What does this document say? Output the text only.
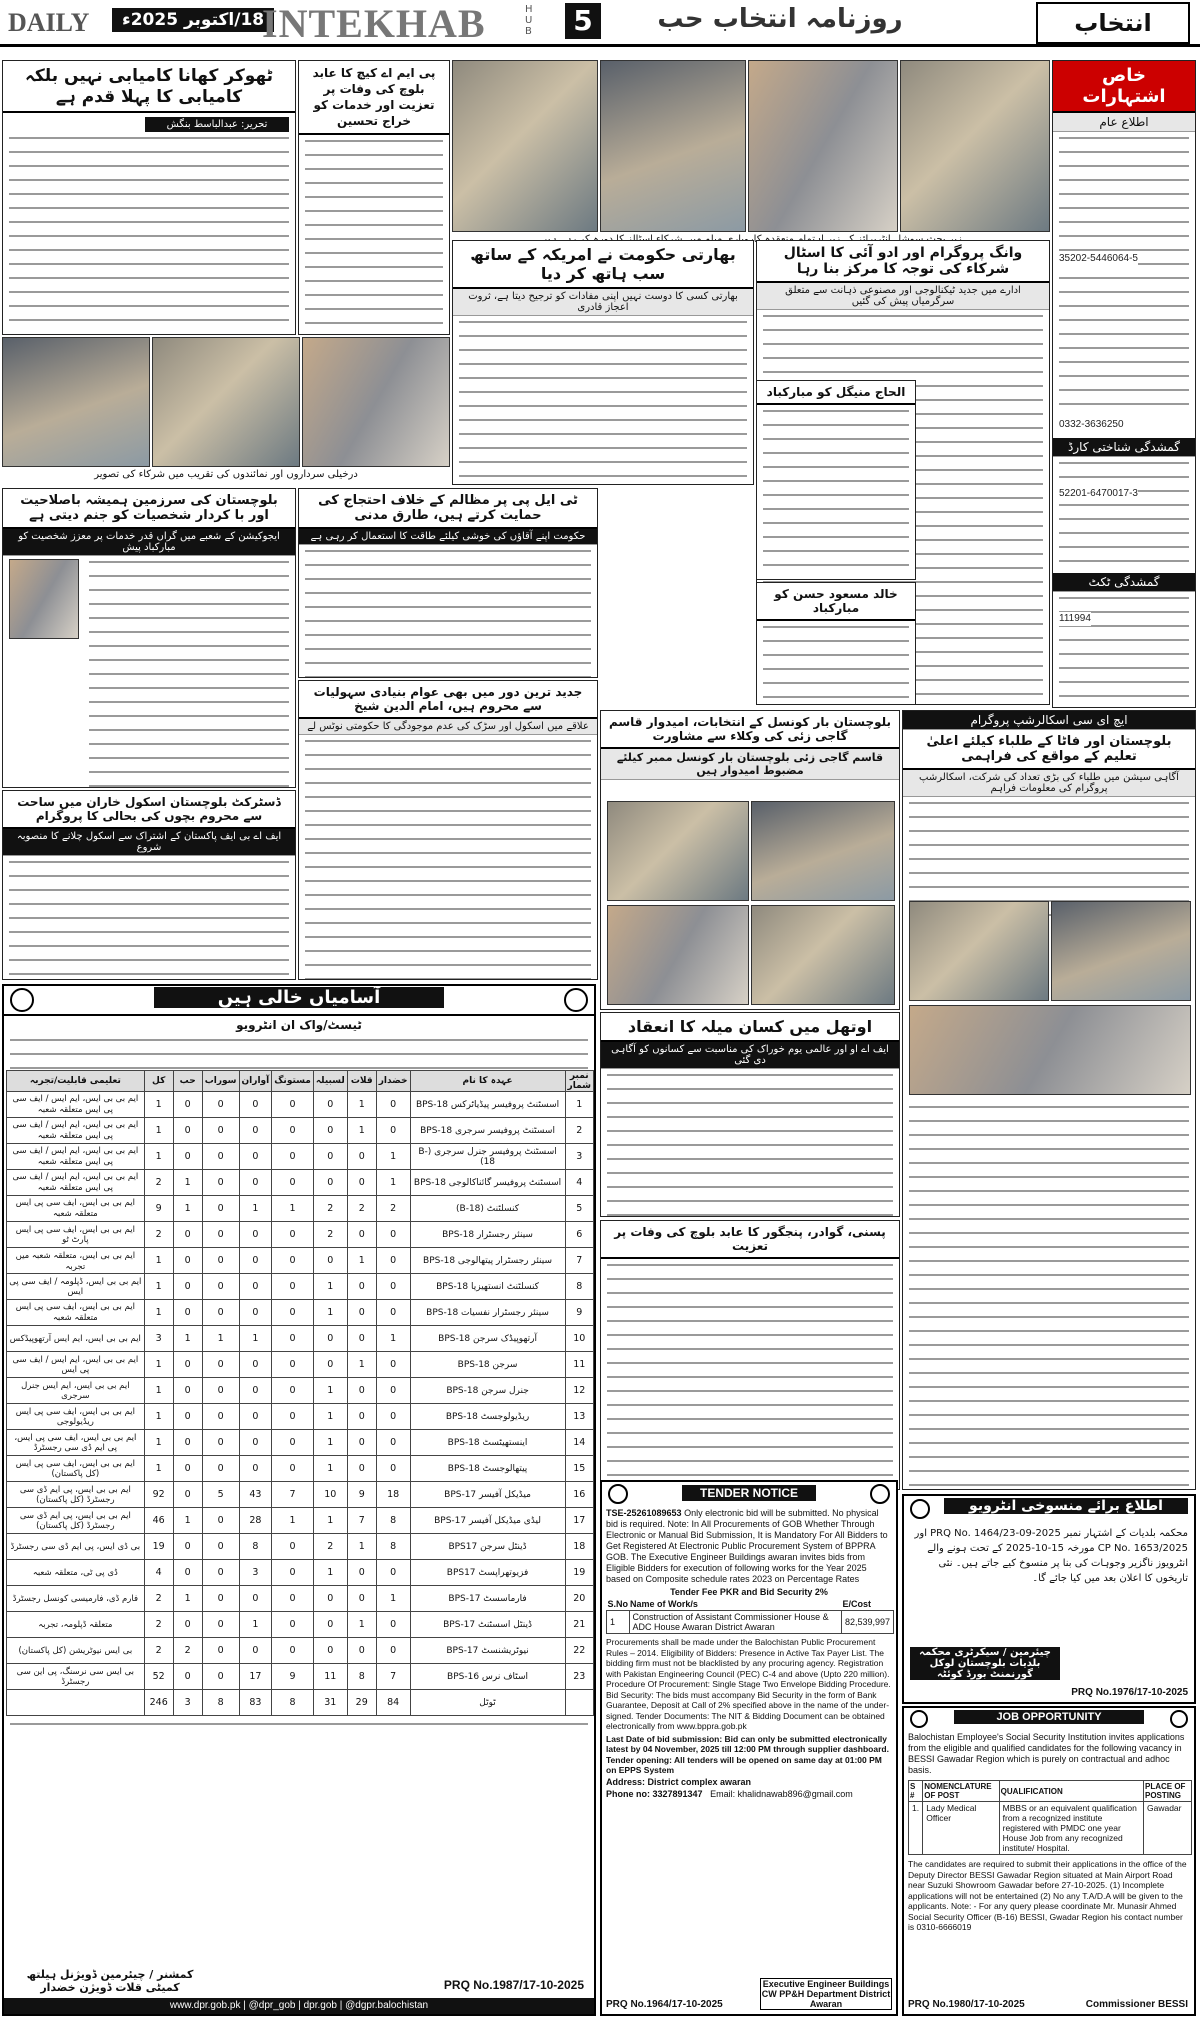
DAILY	18/اکتوبر 2025ء
INTEKHAB	HUB 5	روزنامہ انتخاب حب	انتخاب
خاص اشتہارات
اطلاع عام
35202-5446064-5
0332-3636250
گمشدگی شناختی کارڈ
52201-6470017-3
گمشدگی ٹکٹ
111994
ٹھوکر کھانا کامیابی نہیں بلکہ کامیابی کا پہلا قدم ہے
تحریر: عبدالباسط بنگش
پی ایم اے کیچ کا عابد بلوچ کی وفات پر تعزیت اور خدمات کو خراج تحسین
بھارتی حکومت نے امریکہ کے ساتھ سب ہاتھ کر دیا
بھارتی کسی کا دوست نہیں اپنی مفادات کو ترجیح دیتا ہے، ثروت اعجاز قادری
وانگ پروگرام اور ادو آئی کا اسٹال شرکاء کی توجہ کا مرکز بنا رہا
ادارے میں جدید ٹیکنالوجی اور مصنوعی ذہانت سے متعلق سرگرمیاں پیش کی گئیں
درخیلی سرداروں اور نمائندوں کی تقریب میں شرکاء کی تصویر
الحاج منیگل کو مبارکباد
خالد مسعود حسن کو مبارکباد
بلوچستان کی سرزمین ہمیشہ باصلاحیت اور با کردار شخصیات کو جنم دیتی ہے
ایجوکیشن کے شعبے میں گراں قدر خدمات پر معزز شخصیت کو مبارکباد پیش
ٹی ایل پی پر مظالم کے خلاف احتجاج کی حمایت کرتے ہیں، طارق مدنی
حکومت اپنے آقاؤں کی خوشی کیلئے طاقت کا استعمال کر رہی ہے
جدید ترین دور میں بھی عوام بنیادی سہولیات سے محروم ہیں، امام الدین شیخ
علاقے میں اسکول اور سڑک کی عدم موجودگی کا حکومتی نوٹس لے	بلوچستان بار کونسل کے انتخابات، امیدوار قاسم گاجی زئی کی وکلاء سے مشاورت
قاسم گاجی زئی بلوچستان بار کونسل ممبر کیلئے مضبوط امیدوار ہیں
ڈسٹرکٹ بلوچستان اسکول خاران میں ساحت سے محروم بچوں کی بحالی کا پروگرام
ایف اے بی ایف پاکستان کے اشتراک سے اسکول چلانے کا منصوبہ شروع
ایچ ای سی اسکالرشپ پروگرام
بلوچستان اور فاٹا کے طلباء کیلئے اعلیٰ تعلیم کے مواقع کی فراہمی
آگاہی سیشن میں طلباء کی بڑی تعداد کی شرکت، اسکالرشپ پروگرام کی معلومات فراہم
اوتھل میں کسان میلہ کا انعقاد
ایف اے او اور عالمی یوم خوراک کی مناسبت سے کسانوں کو آگاہی دی گئی
پسنی، گوادر، پنجگور کا عابد بلوچ کی وفات پر تعزیت
آسامیاں خالی ہیں
ٹیسٹ/واک ان انٹرویو
نمبر شمار	عہدہ کا نام	خضدار	قلات	لسبیلہ	مستونگ	آواران	سوراب	حب	کل	تعلیمی قابلیت/تجربہ
1	اسسٹنٹ پروفیسر پیڈیاٹرکس BPS-18	0	1	0	0	0	0	0	1	ایم بی بی ایس، ایم ایس / ایف سی پی ایس متعلقہ شعبہ
2	اسسٹنٹ پروفیسر سرجری BPS-18	0	1	0	0	0	0	0	1	ایم بی بی ایس، ایم ایس / ایف سی پی ایس متعلقہ شعبہ
3	اسسٹنٹ پروفیسر جنرل سرجری (B-18)	1	0	0	0	0	0	0	1	ایم بی بی ایس، ایم ایس / ایف سی پی ایس متعلقہ شعبہ
4	اسسٹنٹ پروفیسر گائناکالوجی BPS-18	1	0	0	0	0	0	1	2	ایم بی بی ایس، ایم ایس / ایف سی پی ایس متعلقہ شعبہ
5	کنسلٹنٹ (B-18)	2	2	2	1	1	0	1	9	ایم بی بی ایس، ایف سی پی ایس متعلقہ شعبہ
6	سینئر رجسٹرار BPS-18	0	0	2	0	0	0	0	2	ایم بی بی ایس، ایف سی پی ایس پارٹ ٹو
7	سینئر رجسٹرار پیتھالوجی BPS-18	0	1	0	0	0	0	0	1	ایم بی بی ایس، متعلقہ شعبہ میں تجربہ
8	کنسلٹنٹ انستھیزیا BPS-18	0	0	1	0	0	0	0	1	ایم بی بی ایس، ڈپلومہ / ایف سی پی ایس
9	سینئر رجسٹرار نفسیات BPS-18	0	0	1	0	0	0	0	1	ایم بی بی ایس، ایف سی پی ایس متعلقہ شعبہ
10	آرتھوپیڈک سرجن BPS-18	1	0	0	0	1	1	1	3	ایم بی بی ایس، ایم ایس آرتھوپیڈکس
11	سرجن BPS-18	0	1	0	0	0	0	0	1	ایم بی بی ایس، ایم ایس / ایف سی پی ایس
12	جنرل سرجن BPS-18	0	0	1	0	0	0	0	1	ایم بی بی ایس، ایم ایس جنرل سرجری
13	ریڈیولوجسٹ BPS-18	0	0	1	0	0	0	0	1	ایم بی بی ایس، ایف سی پی ایس ریڈیولوجی
14	اینستھیٹسٹ BPS-18	0	0	1	0	0	0	0	1	ایم بی بی ایس، ایف سی پی ایس، پی ایم ڈی سی رجسٹرڈ
15	پیتھالوجسٹ BPS-18	0	0	1	0	0	0	0	1	ایم بی بی ایس، ایف سی پی ایس (کل پاکستان)
16	میڈیکل آفیسر BPS-17	18	9	10	7	43	5	0	92	ایم بی بی ایس، پی ایم ڈی سی رجسٹرڈ (کل پاکستان)
17	لیڈی میڈیکل آفیسر BPS-17	8	7	1	1	28	0	1	46	ایم بی بی ایس، پی ایم ڈی سی رجسٹرڈ (کل پاکستان)
18	ڈینٹل سرجن BPS17	8	1	2	0	8	0	0	19	بی ڈی ایس، پی ایم ڈی سی رجسٹرڈ
19	فزیوتھراپسٹ BPS17	0	0	1	0	3	0	0	4	ڈی پی ٹی، متعلقہ شعبہ
20	فارماسسٹ BPS-17	1	0	0	0	0	0	1	2	فارم ڈی، فارمیسی کونسل رجسٹرڈ
21	ڈینٹل اسسٹنٹ BPS-17	0	1	0	0	1	0	0	2	متعلقہ ڈپلومہ، تجربہ
22	نیوٹریشنسٹ BPS-17	0	0	0	0	0	0	2	2	بی ایس نیوٹریشن (کل پاکستان)
23	اسٹاف نرس BPS-16	7	8	11	9	17	0	0	52	بی ایس سی نرسنگ، پی این سی رجسٹرڈ
	ٹوٹل	84	29	31	8	83	8	3	246	
کمشنر / چیئرمین ڈویژنل ہیلتھ کمیٹی قلات ڈویژن خضدار	PRQ No.1987/17-10-2025
www.dpr.gob.pk | @dpr_gob | dpr.gob | @dgpr.balochistan
TENDER NOTICE
TSE-25261089653 Only electronic bid will be submitted. No physical bid is required. Note: In All Procurements of GOB Whether Through Electronic or Manual Bid Submission, It is Mandatory For All Bidders to Get Registered At Electronic Public Procurement System of BPPRA GOB. The Executive Engineer Buildings awaran invites bids from Eligible Bidders for execution of following works for the Year 2025 based on Composite schedule rates 2023 on Percentage Rates
Tender Fee PKR and Bid Security 2%
S.No	Name of Work/s	E/Cost
1	Construction of Assistant Commissioner House & ADC House Awaran District Awaran	82,539,997
Procurements shall be made under the Balochistan Public Procurement Rules – 2014. Eligibility of Bidders: Presence in Active Tax Payer List. The bidding firm must not be blacklisted by any procuring agency. Registration with Pakistan Engineering Council (PEC) C-4 and above (Upto 220 million). Procedure Of Procurement: Single Stage Two Envelope Bidding Procedure. Bid Security: The bids must accompany Bid Security in the form of Bank Guarantee, Deposit at Call of 2% specified above in the name of the under-signed. Tender Documents: The NIT & Bidding Document can be obtained electronically from www.bppra.gob.pk
Last Date of bid submission: Bid can only be submitted electronically latest by 04 November, 2025 till 12:00 PM through supplier dashboard. Tender opening: All tenders will be opened on same day at 01:00 PM on EPPS System
Address: District complex awaran
Phone no: 3327891347 Email: khalidnawab896@gmail.com
PRQ No.1964/17-10-2025
Executive Engineer Buildings CW PP&H Department District Awaran
اطلاع برائے منسوخی انٹرویو
محکمہ بلدیات کے اشتہار نمبر PRQ No. 1464/23-09-2025 اور CP No. 1653/2025 مورخہ 15-10-2025 کے تحت ہونے والے انٹرویوز ناگزیر وجوہات کی بنا پر منسوخ کیے جاتے ہیں۔ نئی تاریخوں کا اعلان بعد میں کیا جائے گا۔
چیئرمین / سیکرٹری محکمہ بلدیات بلوچستان لوکل گورنمنٹ بورڈ کوئٹہ
PRQ No.1976/17-10-2025
JOB OPPORTUNITY
Balochistan Employee's Social Security Institution invites applications from the eligible and qualified candidates for the following vacancy in BESSI Gawadar Region which is purely on contractual and adhoc basis.
S #	NOMENCLATURE OF POST	QUALIFICATION	PLACE OF POSTING
1.	Lady Medical Officer	MBBS or an equivalent qualification from a recognized institute registered with PMDC one year House Job from any recognized institute/ Hospital.	Gawadar
The candidates are required to submit their applications in the office of the Deputy Director BESSI Gawadar Region situated at Main Airport Road near Suzuki Showroom Gawadar before 27-10-2025. (1) Incomplete applications will not be entertained (2) No any T.A/D.A will be given to the applicants. Note: - For any query please coordinate Mr. Munasir Ahmed Social Security Officer (B-16) BESSI, Gwadar Region his contact number is 0310-6666019
PRQ No.1980/17-10-2025	Commissioner BESSI
